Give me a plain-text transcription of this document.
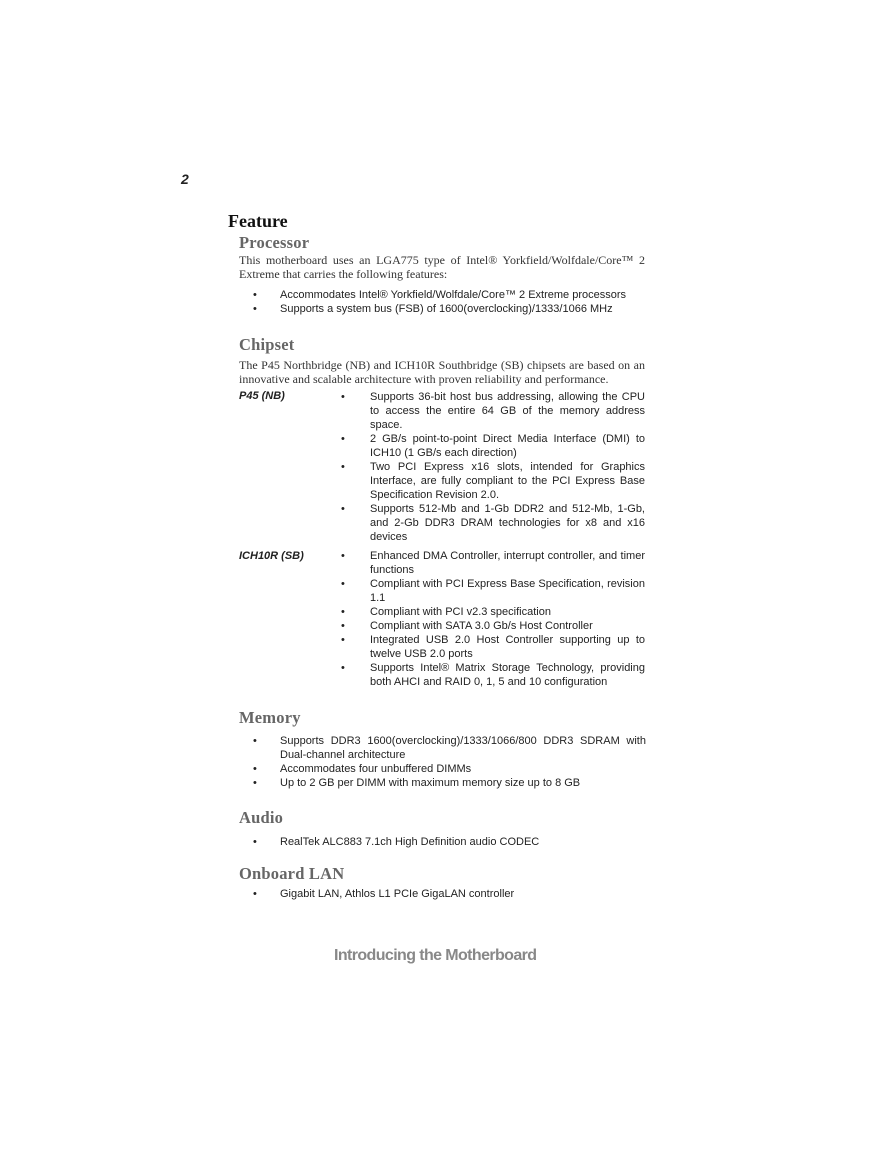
2
Feature
Processor

This motherboard uses an LGA775 type of Intel® Yorkfield/Wolfdale/Core™ 2 Extreme that carries the following features:

• Accommodates Intel® Yorkfield/Wolfdale/Core™ 2 Extreme processors
• Supports a system bus (FSB) of 1600(overclocking)/1333/1066 MHz
Chipset

The P45 Northbridge (NB) and ICH10R Southbridge (SB) chipsets are based on an innovative and scalable architecture with proven reliability and performance.

P45 (NB)	• Supports 36-bit host bus addressing, allowing the CPU to access the entire 64 GB of the memory address space.
• 2 GB/s point-to-point Direct Media Interface (DMI) to ICH10 (1 GB/s each direction)
• Two PCI Express x16 slots, intended for Graphics Interface, are fully compliant to the PCI Express Base Specification Revision 2.0.
• Supports 512-Mb and 1-Gb DDR2 and 512-Mb, 1-Gb, and 2-Gb DDR3 DRAM technologies for x8 and x16 devices
ICH10R (SB)	• Enhanced DMA Controller, interrupt controller, and timer functions
• Compliant with PCI Express Base Specification, revision 1.1
• Compliant with PCI v2.3 specification
• Compliant with SATA 3.0 Gb/s Host Controller
• Integrated USB 2.0 Host Controller supporting up to twelve USB 2.0 ports
• Supports Intel® Matrix Storage Technology, providing both AHCI and RAID 0, 1, 5 and 10 configuration
Memory
• Supports DDR3 1600(overclocking)/1333/1066/800 DDR3 SDRAM with Dual-channel architecture
• Accommodates four unbuffered DIMMs
• Up to 2 GB per DIMM with maximum memory size up to 8 GB
Audio
• RealTek ALC883 7.1ch High Definition audio CODEC
Onboard LAN
• Gigabit LAN, Athlos L1 PCIe GigaLAN controller
Introducing the Motherboard
